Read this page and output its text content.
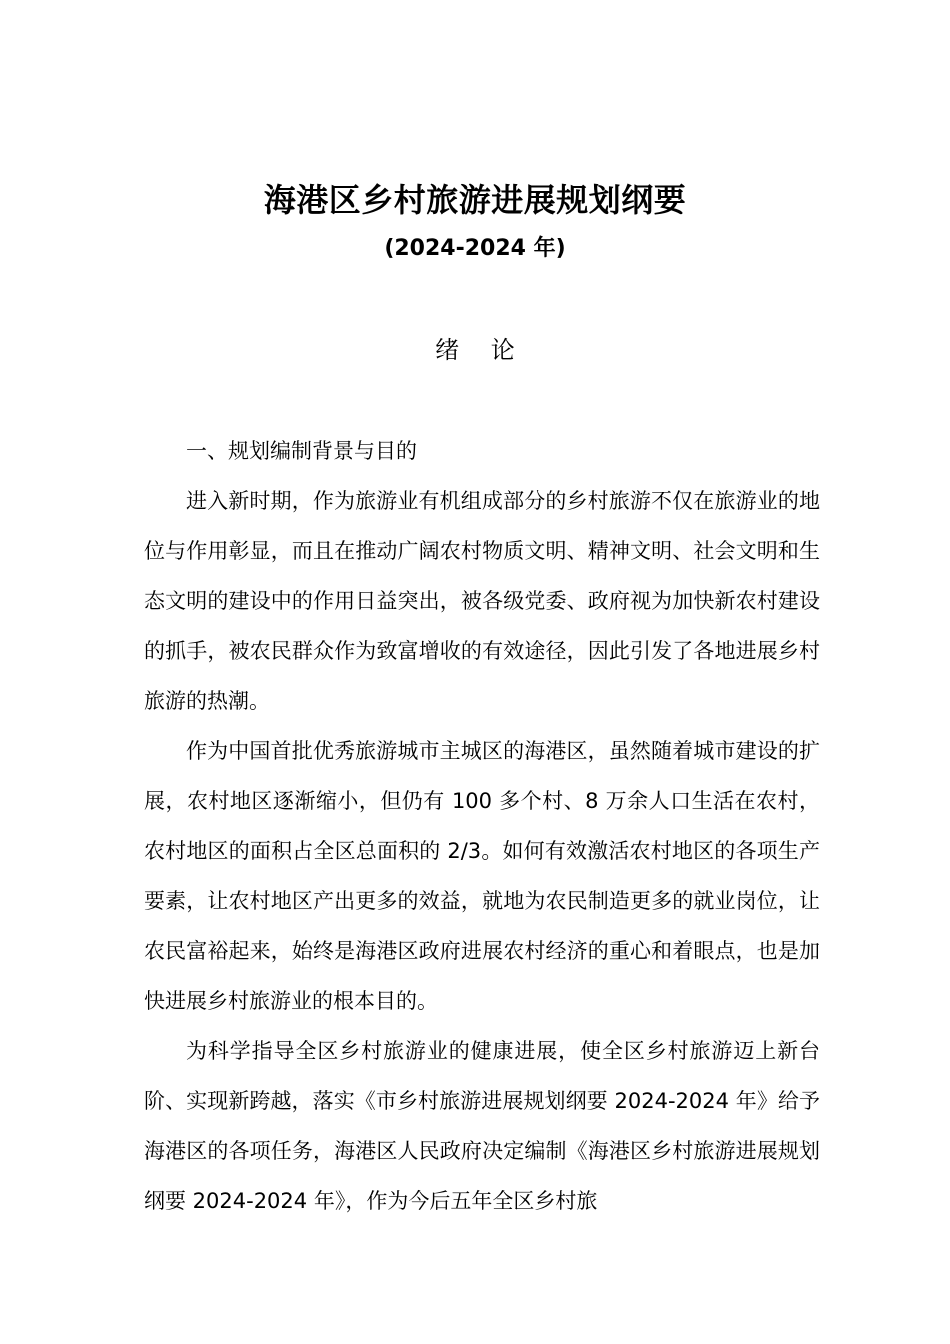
海港区乡村旅游进展规划纲要
(2024-2024 年)
绪 论

一、规划编制背景与目的

进入新时期，作为旅游业有机组成部分的乡村旅游不仅在旅游业的地位与作用彰显，而且在推动广阔农村物质文明、精神文明、社会文明和生态文明的建设中的作用日益突出，被各级党委、政府视为加快新农村建设的抓手，被农民群众作为致富增收的有效途径，因此引发了各地进展乡村旅游的热潮。

作为中国首批优秀旅游城市主城区的海港区，虽然随着城市建设的扩展，农村地区逐渐缩小，但仍有 100 多个村、8 万余人口生活在农村，农村地区的面积占全区总面积的 2/3。如何有效激活农村地区的各项生产要素，让农村地区产出更多的效益，就地为农民制造更多的就业岗位，让农民富裕起来，始终是海港区政府进展农村经济的重心和着眼点，也是加快进展乡村旅游业的根本目的。

为科学指导全区乡村旅游业的健康进展，使全区乡村旅游迈上新台阶、实现新跨越，落实《市乡村旅游进展规划纲要 2024-2024 年》给予海港区的各项任务，海港区人民政府决定编制《海港区乡村旅游进展规划纲要 2024-2024 年》，作为今后五年全区乡村旅
